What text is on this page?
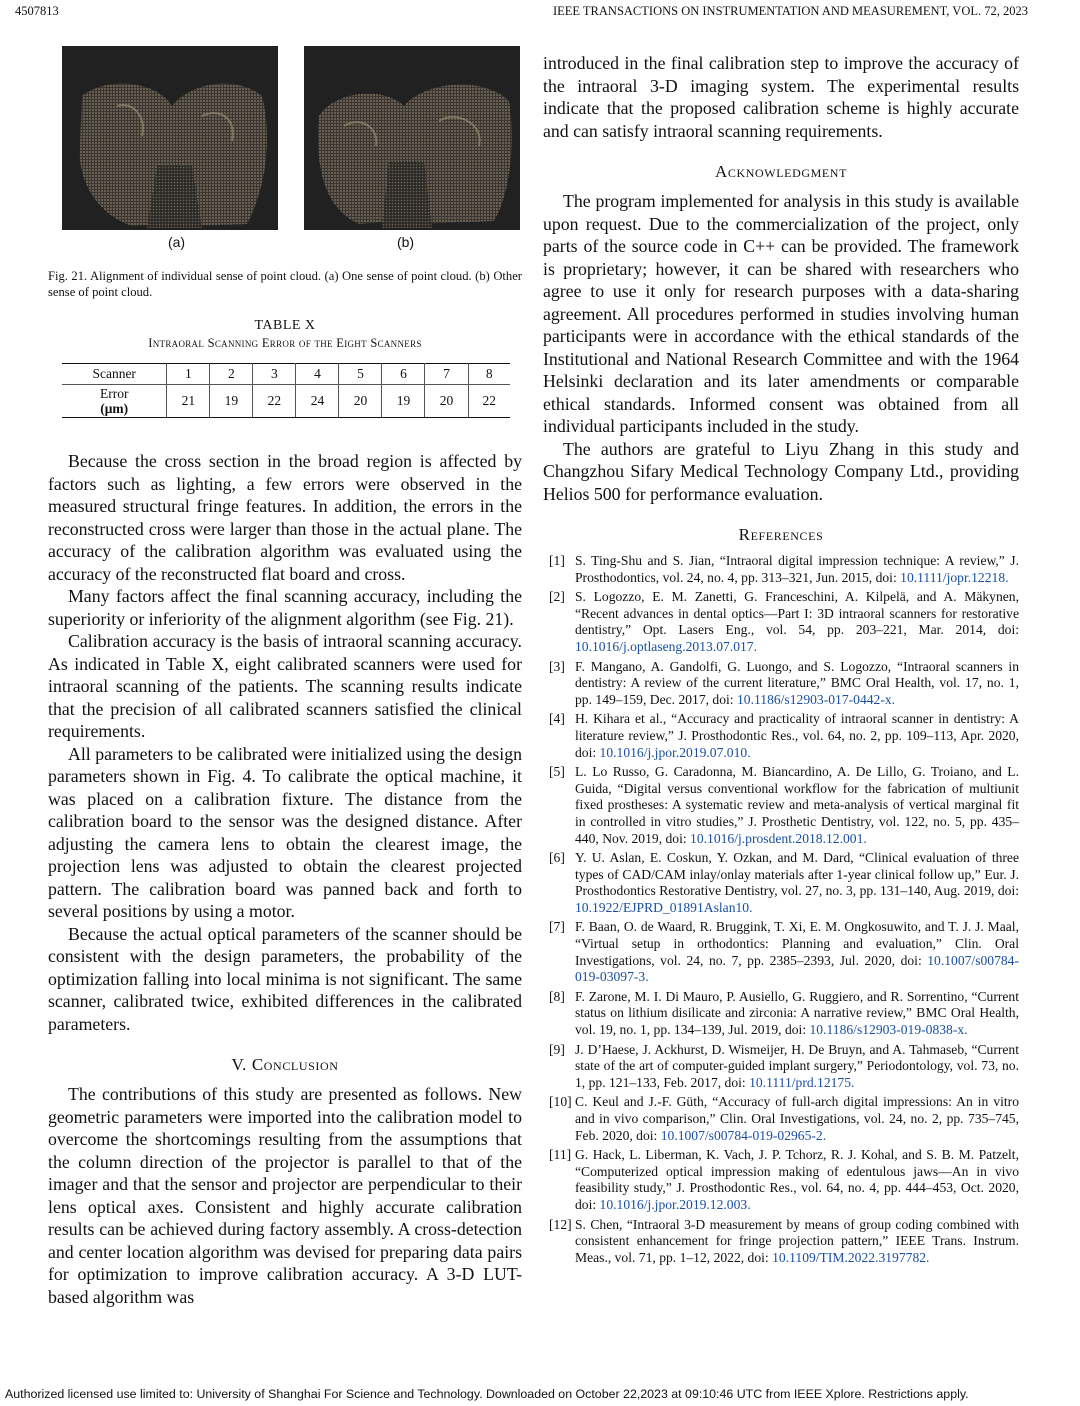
4507813	IEEE TRANSACTIONS ON INSTRUMENTATION AND MEASUREMENT, VOL. 72, 2023
(a)	(b)
Fig. 21. Alignment of individual sense of point cloud. (a) One sense of point cloud. (b) Other sense of point cloud.
TABLE X
Intraoral Scanning Error of the Eight Scanners
Scanner	1	2	3	4	5	6	7	8

Error
(μm)	21	19	22	24	20	19	20	22

Because the cross section in the broad region is affected by factors such as lighting, a few errors were observed in the measured structural fringe features. In addition, the errors in the reconstructed cross were larger than those in the actual plane. The accuracy of the calibration algorithm was evaluated using the accuracy of the reconstructed flat board and cross.

Many factors affect the final scanning accuracy, including the superiority or inferiority of the alignment algorithm (see Fig. 21).

Calibration accuracy is the basis of intraoral scanning accuracy. As indicated in Table X, eight calibrated scanners were used for intraoral scanning of the patients. The scanning results indicate that the precision of all calibrated scanners satisfied the clinical requirements.

All parameters to be calibrated were initialized using the design parameters shown in Fig. 4. To calibrate the optical machine, it was placed on a calibration fixture. The distance from the calibration board to the sensor was the designed distance. After adjusting the camera lens to obtain the clearest image, the projection lens was adjusted to obtain the clearest projected pattern. The calibration board was panned back and forth to several positions by using a motor.

Because the actual optical parameters of the scanner should be consistent with the design parameters, the probability of the optimization falling into local minima is not significant. The same scanner, calibrated twice, exhibited differences in the calibrated parameters.

V. Conclusion

The contributions of this study are presented as follows. New geometric parameters were imported into the calibration model to overcome the shortcomings resulting from the assumptions that the column direction of the projector is parallel to that of the imager and that the sensor and projector are perpendicular to their lens optical axes. Consistent and highly accurate calibration results can be achieved during factory assembly. A cross-detection and center location algorithm was devised for preparing data pairs for optimization to improve calibration accuracy. A 3-D LUT-based algorithm was

introduced in the final calibration step to improve the accuracy of the intraoral 3-D imaging system. The experimental results indicate that the proposed calibration scheme is highly accurate and can satisfy intraoral scanning requirements.

Acknowledgment

The program implemented for analysis in this study is available upon request. Due to the commercialization of the project, only parts of the source code in C++ can be provided. The framework is proprietary; however, it can be shared with researchers who agree to use it only for research purposes with a data-sharing agreement. All procedures performed in studies involving human participants were in accordance with the ethical standards of the Institutional and National Research Committee and with the 1964 Helsinki declaration and its later amendments or comparable ethical standards. Informed consent was obtained from all individual participants included in the study.

The authors are grateful to Liyu Zhang in this study and Changzhou Sifary Medical Technology Company Ltd., providing Helios 500 for performance evaluation.

References
[1] S. Ting-Shu and S. Jian, “Intraoral digital impression technique: A review,” J. Prosthodontics, vol. 24, no. 4, pp. 313–321, Jun. 2015, doi: 10.1111/jopr.12218.
[2] S. Logozzo, E. M. Zanetti, G. Franceschini, A. Kilpelä, and A. Mäkynen, “Recent advances in dental optics—Part I: 3D intraoral scanners for restorative dentistry,” Opt. Lasers Eng., vol. 54, pp. 203–221, Mar. 2014, doi: 10.1016/j.optlaseng.2013.07.017.
[3] F. Mangano, A. Gandolfi, G. Luongo, and S. Logozzo, “Intraoral scanners in dentistry: A review of the current literature,” BMC Oral Health, vol. 17, no. 1, pp. 149–159, Dec. 2017, doi: 10.1186/s12903-017-0442-x.
[4] H. Kihara et al., “Accuracy and practicality of intraoral scanner in dentistry: A literature review,” J. Prosthodontic Res., vol. 64, no. 2, pp. 109–113, Apr. 2020, doi: 10.1016/j.jpor.2019.07.010.
[5] L. Lo Russo, G. Caradonna, M. Biancardino, A. De Lillo, G. Troiano, and L. Guida, “Digital versus conventional workflow for the fabrication of multiunit fixed prostheses: A systematic review and meta-analysis of vertical marginal fit in controlled in vitro studies,” J. Prosthetic Dentistry, vol. 122, no. 5, pp. 435–440, Nov. 2019, doi: 10.1016/j.prosdent.2018.12.001.
[6] Y. U. Aslan, E. Coskun, Y. Ozkan, and M. Dard, “Clinical evaluation of three types of CAD/CAM inlay/onlay materials after 1-year clinical follow up,” Eur. J. Prosthodontics Restorative Dentistry, vol. 27, no. 3, pp. 131–140, Aug. 2019, doi: 10.1922/EJPRD_01891Aslan10.
[7] F. Baan, O. de Waard, R. Bruggink, T. Xi, E. M. Ongkosuwito, and T. J. J. Maal, “Virtual setup in orthodontics: Planning and evaluation,” Clin. Oral Investigations, vol. 24, no. 7, pp. 2385–2393, Jul. 2020, doi: 10.1007/s00784-019-03097-3.
[8] F. Zarone, M. I. Di Mauro, P. Ausiello, G. Ruggiero, and R. Sorrentino, “Current status on lithium disilicate and zirconia: A narrative review,” BMC Oral Health, vol. 19, no. 1, pp. 134–139, Jul. 2019, doi: 10.1186/s12903-019-0838-x.
[9] J. D’Haese, J. Ackhurst, D. Wismeijer, H. De Bruyn, and A. Tahmaseb, “Current state of the art of computer-guided implant surgery,” Periodontology, vol. 73, no. 1, pp. 121–133, Feb. 2017, doi: 10.1111/prd.12175.
[10] C. Keul and J.-F. Güth, “Accuracy of full-arch digital impressions: An in vitro and in vivo comparison,” Clin. Oral Investigations, vol. 24, no. 2, pp. 735–745, Feb. 2020, doi: 10.1007/s00784-019-02965-2.
[11] G. Hack, L. Liberman, K. Vach, J. P. Tchorz, R. J. Kohal, and S. B. M. Patzelt, “Computerized optical impression making of edentulous jaws—An in vivo feasibility study,” J. Prosthodontic Res., vol. 64, no. 4, pp. 444–453, Oct. 2020, doi: 10.1016/j.jpor.2019.12.003.
[12] S. Chen, “Intraoral 3-D measurement by means of group coding combined with consistent enhancement for fringe projection pattern,” IEEE Trans. Instrum. Meas., vol. 71, pp. 1–12, 2022, doi: 10.1109/TIM.2022.3197782.
Authorized licensed use limited to: University of Shanghai For Science and Technology. Downloaded on October 22,2023 at 09:10:46 UTC from IEEE Xplore. Restrictions apply.
